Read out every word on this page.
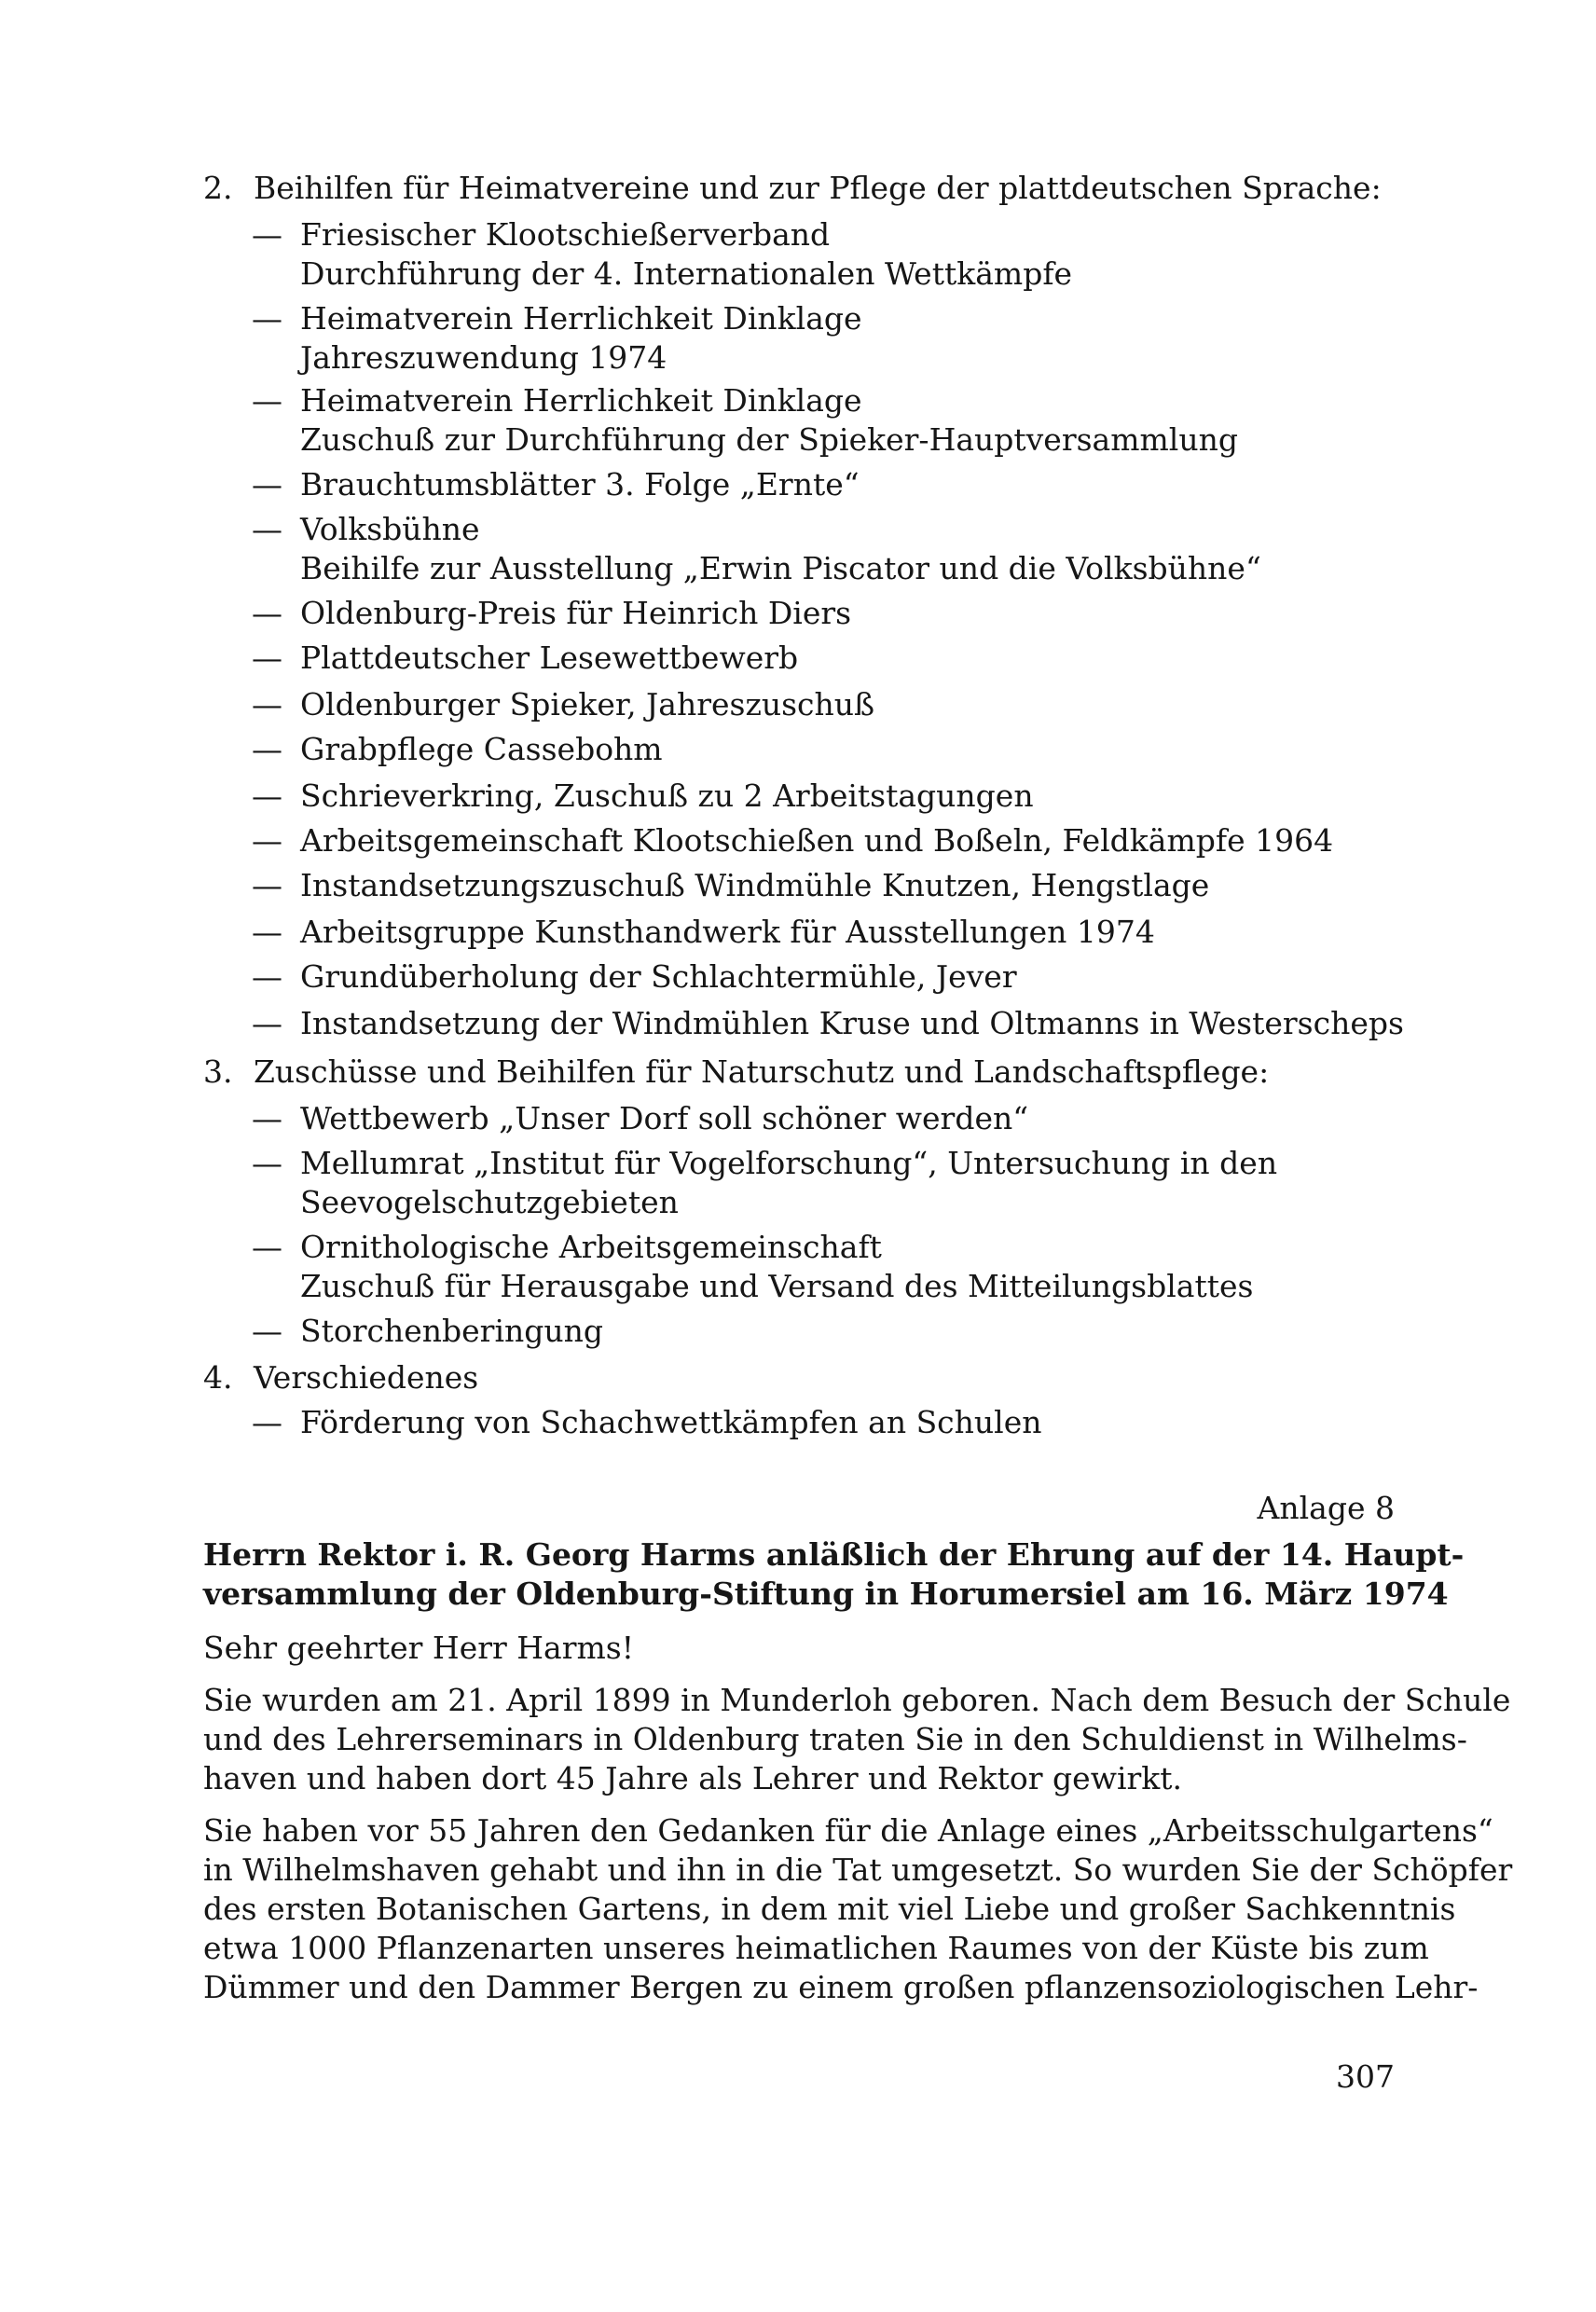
2. Beihilfen für Heimatvereine und zur Pflege der plattdeutschen Sprache:
— Friesischer Klootschießerverband
Durchführung der 4. Internationalen Wettkämpfe
— Heimatverein Herrlichkeit Dinklage
Jahreszuwendung 1974
— Heimatverein Herrlichkeit Dinklage
Zuschuß zur Durchführung der Spieker-Hauptversammlung
— Brauchtumsblätter 3. Folge „Ernte“
— Volksbühne
Beihilfe zur Ausstellung „Erwin Piscator und die Volksbühne“
— Oldenburg-Preis für Heinrich Diers
— Plattdeutscher Lesewettbewerb
— Oldenburger Spieker, Jahreszuschuß
— Grabpflege Cassebohm
— Schrieverkring, Zuschuß zu 2 Arbeitstagungen
— Arbeitsgemeinschaft Klootschießen und Boßeln, Feldkämpfe 1964
— Instandsetzungszuschuß Windmühle Knutzen, Hengstlage
— Arbeitsgruppe Kunsthandwerk für Ausstellungen 1974
— Grundüberholung der Schlachtermühle, Jever
— Instandsetzung der Windmühlen Kruse und Oltmanns in Westerscheps
3. Zuschüsse und Beihilfen für Naturschutz und Landschaftspflege:
— Wettbewerb „Unser Dorf soll schöner werden“
— Mellumrat „Institut für Vogelforschung“, Untersuchung in den
Seevogelschutzgebieten
— Ornithologische Arbeitsgemeinschaft
Zuschuß für Herausgabe und Versand des Mitteilungsblattes
— Storchenberingung
4. Verschiedenes
— Förderung von Schachwettkämpfen an Schulen
Anlage 8
Herrn Rektor i. R. Georg Harms anläßlich der Ehrung auf der 14. Haupt-
versammlung der Oldenburg-Stiftung in Horumersiel am 16. März 1974
Sehr geehrter Herr Harms!
Sie wurden am 21. April 1899 in Munderloh geboren. Nach dem Besuch der Schule
und des Lehrerseminars in Oldenburg traten Sie in den Schuldienst in Wilhelms-
haven und haben dort 45 Jahre als Lehrer und Rektor gewirkt.
Sie haben vor 55 Jahren den Gedanken für die Anlage eines „Arbeitsschulgartens“
in Wilhelmshaven gehabt und ihn in die Tat umgesetzt. So wurden Sie der Schöpfer
des ersten Botanischen Gartens, in dem mit viel Liebe und großer Sachkenntnis
etwa 1000 Pflanzenarten unseres heimatlichen Raumes von der Küste bis zum
Dümmer und den Dammer Bergen zu einem großen pflanzensoziologischen Lehr-
307
